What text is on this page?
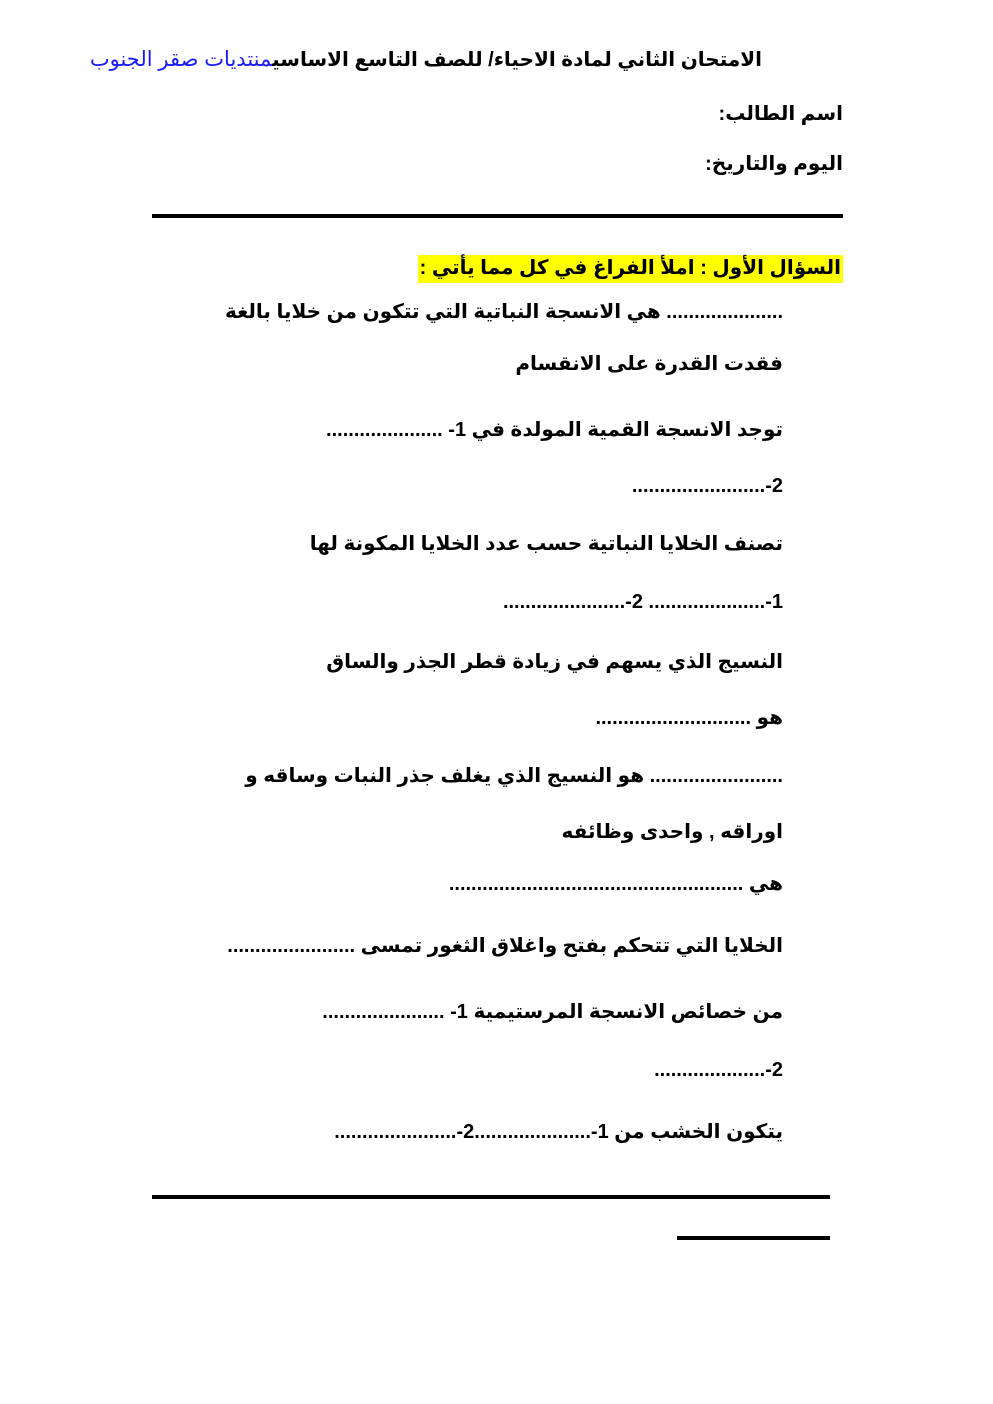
الامتحان الثاني لمادة الاحياء/ للصف التاسع الاساسيمنتديات صقر الجنوب
اسم الطالب:
اليوم والتاريخ:
السؤال الأول : املأ الفراغ في كل مما يأتي :
..................... هي الانسجة النباتية التي تتكون من خلايا بالغة
فقدت القدرة على الانقسام
توجد الانسجة القمية المولدة في 1- .....................
2-........................
تصنف الخلايا النباتية حسب عدد الخلايا المكونة لها
1-..................... 2-......................
النسيج الذي يسهم في زيادة قطر الجذر والساق
هو ............................
........................ هو النسيج الذي يغلف جذر النبات وساقه و
اوراقه , واحدى وظائفه
هي .....................................................
الخلايا التي تتحكم بفتح واغلاق الثغور تمسى .......................
من خصائص الانسجة المرستيمية 1- ......................
2-....................
يتكون الخشب من 1-.....................2-......................
